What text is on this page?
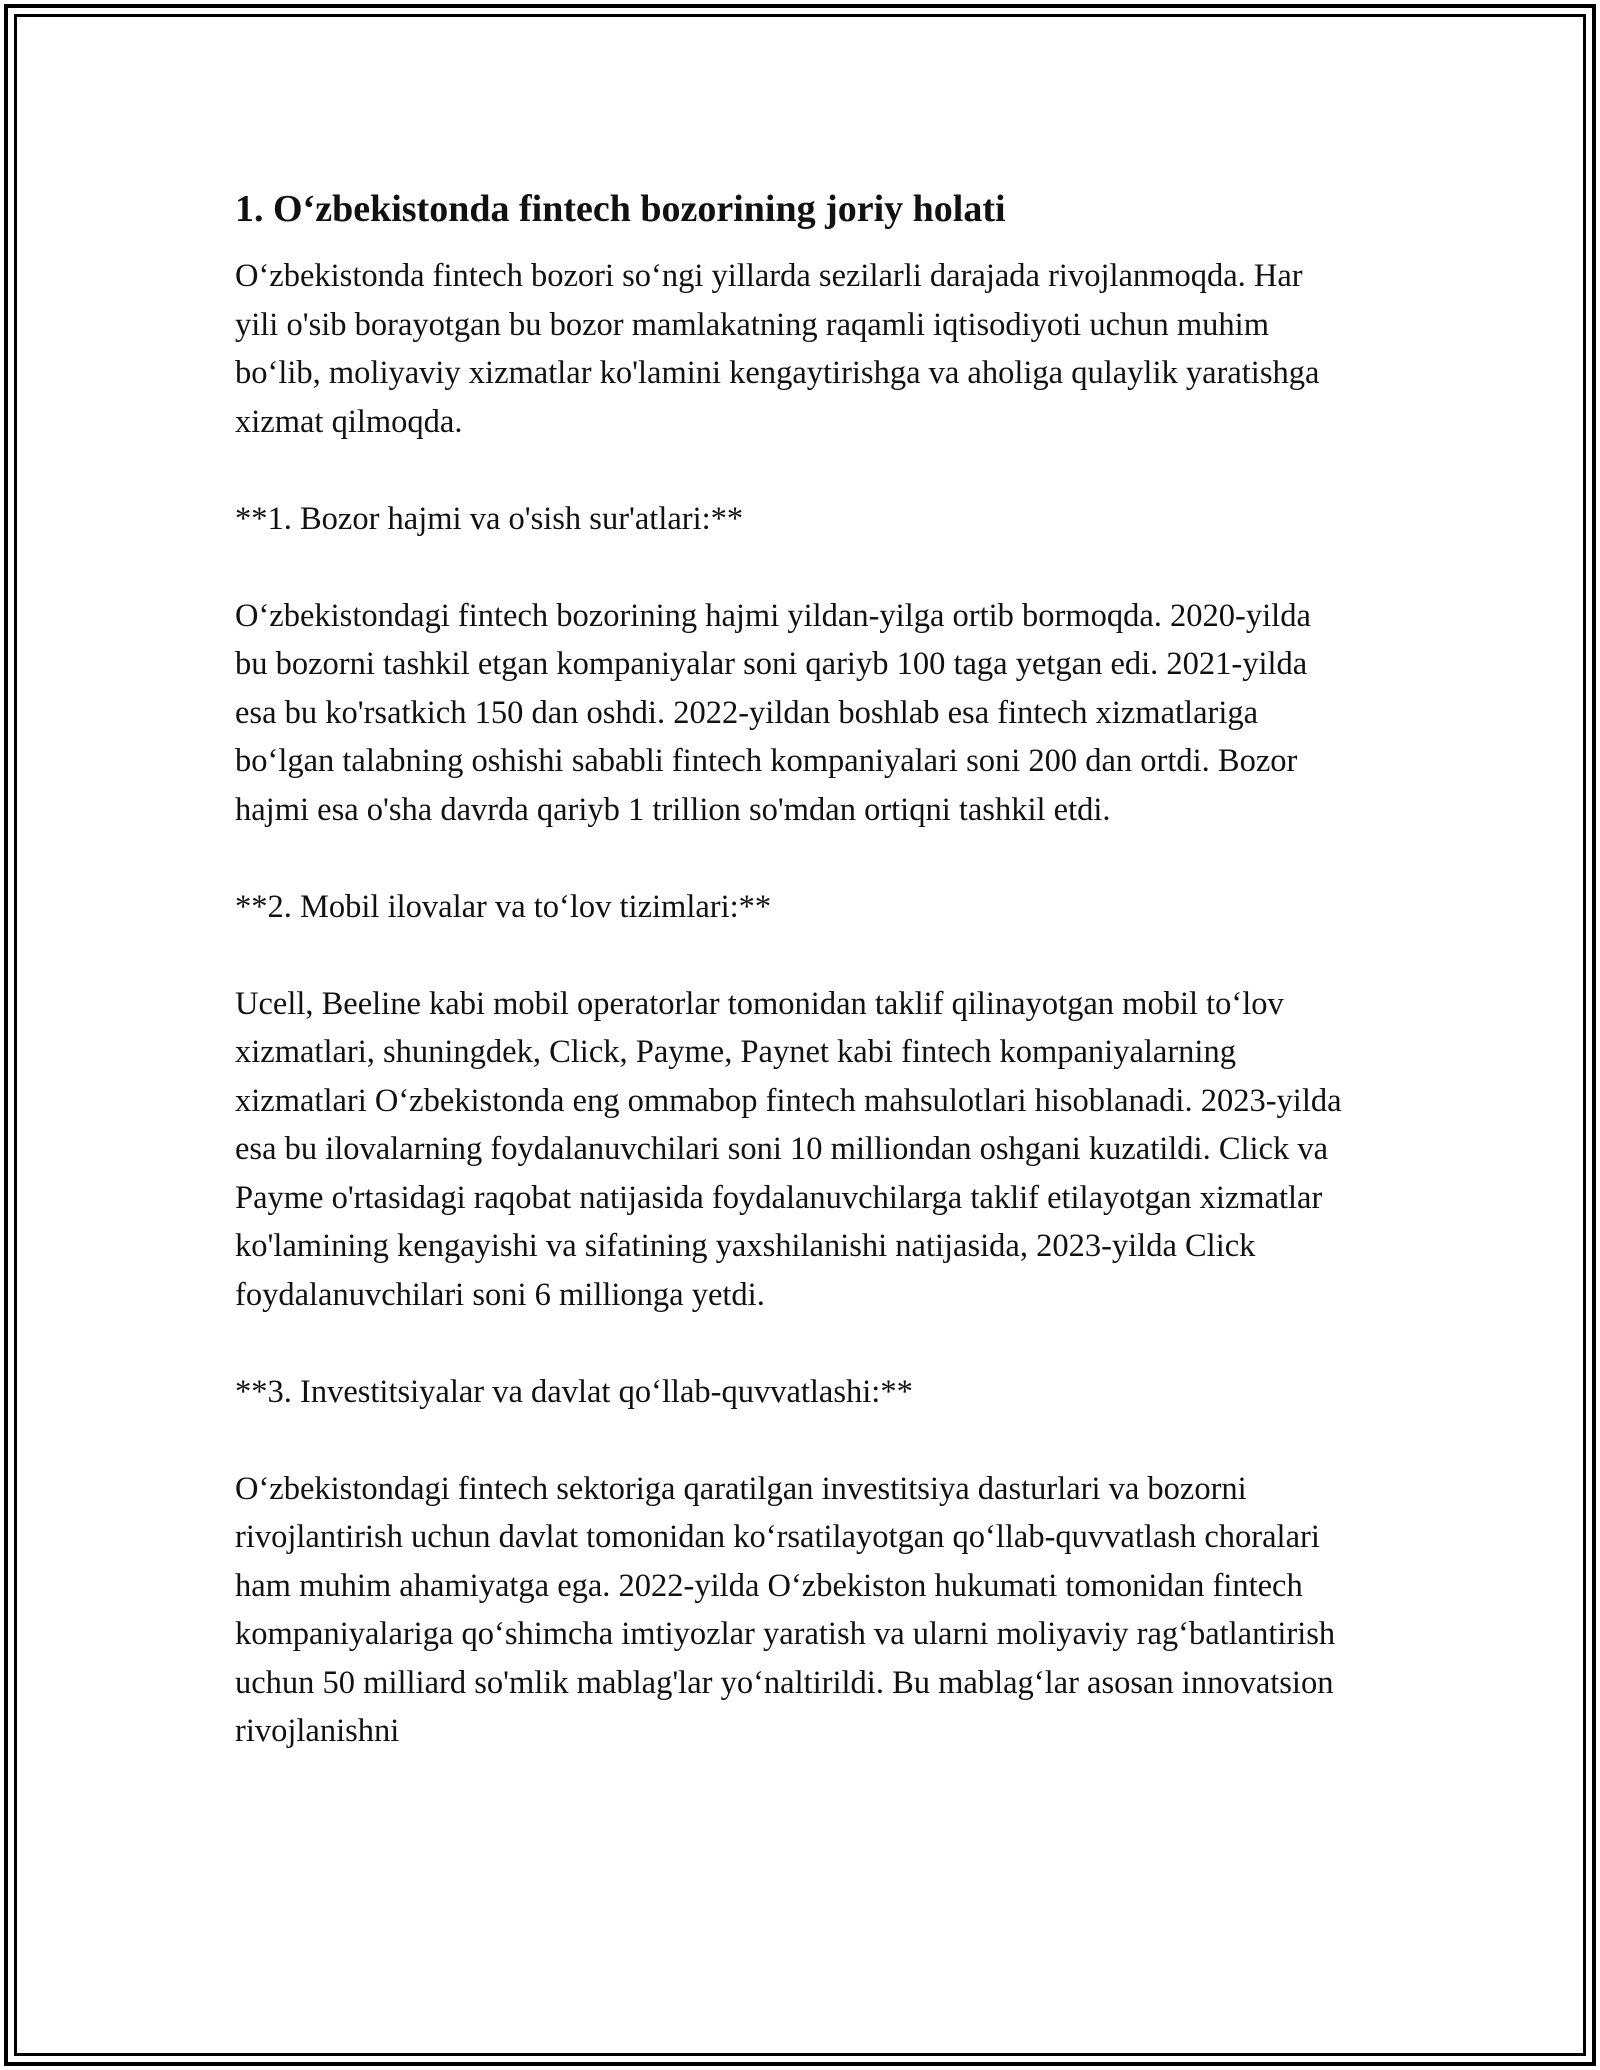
1. O‘zbekistonda fintech bozorining joriy holati

O‘zbekistonda fintech bozori so‘ngi yillarda sezilarli darajada rivojlanmoqda. Har yili o'sib borayotgan bu bozor mamlakatning raqamli iqtisodiyoti uchun muhim bo‘lib, moliyaviy xizmatlar ko'lamini kengaytirishga va aholiga qulaylik yaratishga xizmat qilmoqda.

**1. Bozor hajmi va o'sish sur'atlari:**

O‘zbekistondagi fintech bozorining hajmi yildan-yilga ortib bormoqda. 2020-yilda bu bozorni tashkil etgan kompaniyalar soni qariyb 100 taga yetgan edi. 2021-yilda esa bu ko'rsatkich 150 dan oshdi. 2022-yildan boshlab esa fintech xizmatlariga bo‘lgan talabning oshishi sababli fintech kompaniyalari soni 200 dan ortdi. Bozor hajmi esa o'sha davrda qariyb 1 trillion so'mdan ortiqni tashkil etdi.

**2. Mobil ilovalar va to‘lov tizimlari:**

Ucell, Beeline kabi mobil operatorlar tomonidan taklif qilinayotgan mobil to‘lov xizmatlari, shuningdek, Click, Payme, Paynet kabi fintech kompaniyalarning xizmatlari O‘zbekistonda eng ommabop fintech mahsulotlari hisoblanadi. 2023-yilda esa bu ilovalarning foydalanuvchilari soni 10 milliondan oshgani kuzatildi. Click va Payme o'rtasidagi raqobat natijasida foydalanuvchilarga taklif etilayotgan xizmatlar ko'lamining kengayishi va sifatining yaxshilanishi natijasida, 2023-yilda Click foydalanuvchilari soni 6 millionga yetdi.

**3. Investitsiyalar va davlat qo‘llab-quvvatlashi:**

O‘zbekistondagi fintech sektoriga qaratilgan investitsiya dasturlari va bozorni rivojlantirish uchun davlat tomonidan ko‘rsatilayotgan qo‘llab-quvvatlash choralari ham muhim ahamiyatga ega. 2022-yilda O‘zbekiston hukumati tomonidan fintech kompaniyalariga qo‘shimcha imtiyozlar yaratish va ularni moliyaviy rag‘batlantirish uchun 50 milliard so'mlik mablag'lar yo‘naltirildi. Bu mablag‘lar asosan innovatsion rivojlanishni
